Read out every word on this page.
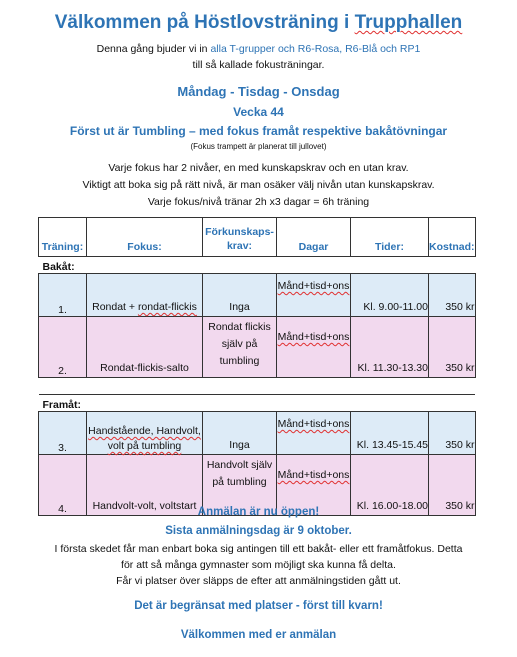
Välkommen på Höstlovsträning i Trupphallen
Denna gång bjuder vi in alla T-grupper och R6-Rosa, R6-Blå och RP1
till så kallade fokusträningar.
Måndag - Tisdag - Onsdag
Vecka 44
Först ut är Tumbling – med fokus framåt respektive bakåtövningar
(Fokus trampett är planerat till jullovet)
Varje fokus har 2 nivåer, en med kunskapskrav och en utan krav.
Viktigt att boka sig på rätt nivå, är man osäker välj nivån utan kunskapskrav.
Varje fokus/nivå tränar 2h x3 dagar = 6h träning
Träning:	Fokus:	Förkunskaps-
krav:	Dagar	Tider:	Kostnad:
Bakåt:					
1.	Rondat + rondat-flickis	Inga	Månd+tisd+ons	Kl. 9.00-11.00	350 kr
2.	Rondat-flickis-salto	Rondat flickis själv på tumbling	Månd+tisd+ons	Kl. 11.30-13.30	350 kr

Framåt:					
3.	Handstående, Handvolt, volt på tumbling	Inga	Månd+tisd+ons	Kl. 13.45-15.45	350 kr
4.	Handvolt-volt, voltstart	Handvolt själv på tumbling	Månd+tisd+ons	Kl. 16.00-18.00	350 kr
Anmälan är nu öppen!
Sista anmälningsdag är 9 oktober.
I första skedet får man enbart boka sig antingen till ett bakåt- eller ett framåtfokus. Detta
för att så många gymnaster som möjligt ska kunna få delta.
Får vi platser över släpps de efter att anmälningstiden gått ut.
Det är begränsat med platser - först till kvarn!
Välkommen med er anmälan
